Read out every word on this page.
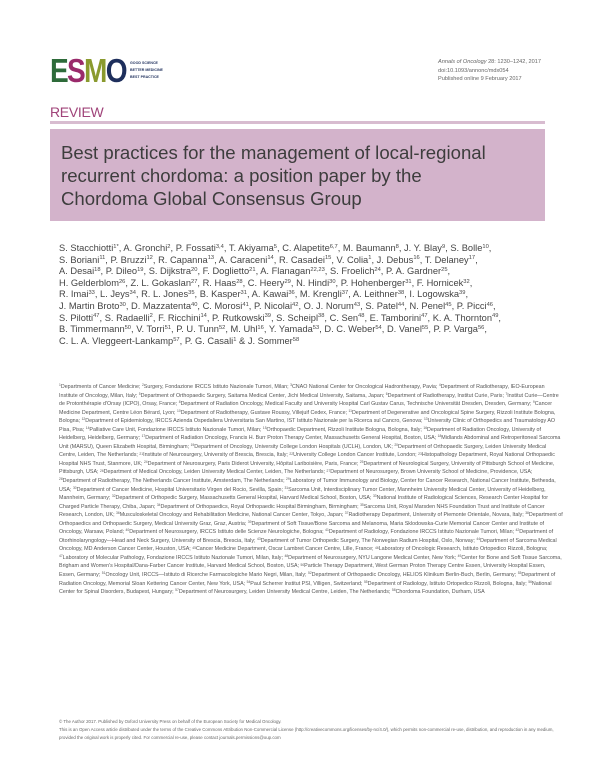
E S M O GOOD SCIENCE
BETTER MEDICINE
BEST PRACTICE
Annals of Oncology 28: 1230–1242, 2017
doi:10.1093/annonc/mdx054
Published online 9 February 2017
REVIEW
Best practices for the management of local-regional
recurrent chordoma: a position paper by the
Chordoma Global Consensus Group
S. Stacchiotti$^{1*}$, A. Gronchi$^2$, P. Fossati$^{3,4}$, T. Akiyama$^5$, C. Alapetite$^{6,7}$, M. Baumann$^8$, J. Y. Blay$^9$, S. Bolle$^{10}$,
S. Boriani$^{11}$, P. Bruzzi$^{12}$, R. Capanna$^{13}$, A. Caraceni$^{14}$, R. Casadei$^{15}$, V. Colia$^1$, J. Debus$^{16}$, T. Delaney$^{17}$,
A. Desai$^{18}$, P. Dileo$^{19}$, S. Dijkstra$^{20}$, F. Doglietto$^{21}$, A. Flanagan$^{22,23}$, S. Froelich$^{24}$, P. A. Gardner$^{25}$,
H. Gelderblom$^{26}$, Z. L. Gokaslan$^{27}$, R. Haas$^{28}$, C. Heery$^{29}$, N. Hindi$^{30}$, P. Hohenberger$^{31}$, F. Hornicek$^{32}$,
R. Imai$^{33}$, L. Jeys$^{34}$, R. L. Jones$^{35}$, B. Kasper$^{31}$, A. Kawai$^{36}$, M. Krengli$^{37}$, A. Leithner$^{38}$, I. Logowska$^{39}$,
J. Martin Broto$^{30}$, D. Mazzatenta$^{40}$, C. Morosi$^{41}$, P. Nicolai$^{42}$, O. J. Norum$^{43}$, S. Patel$^{44}$, N. Penel$^{45}$, P. Picci$^{46}$,
S. Pilotti$^{47}$, S. Radaelli$^2$, F. Ricchini$^{14}$, P. Rutkowski$^{39}$, S. Scheipl$^{38}$, C. Sen$^{48}$, E. Tamborini$^{47}$, K. A. Thornton$^{49}$,
B. Timmermann$^{50}$, V. Torri$^{51}$, P. U. Tunn$^{52}$, M. Uhl$^{16}$, Y. Yamada$^{53}$, D. C. Weber$^{54}$, D. Vanel$^{55}$, P. P. Varga$^{56}$,
C. L. A. Vleggeert-Lankamp$^{57}$, P. G. Casali$^1$ & J. Sommer$^{58}$
$^1$Departments of Cancer Medicine; $^2$Surgery, Fondazione IRCCS Istituto Nazionale Tumori, Milan; $^3$CNAO National Center for Oncological Hadrontherapy, Pavia; $^4$Department of Radiotherapy, IEO-European Institute of Oncology, Milan, Italy; $^5$Department of Orthopaedic Surgery, Saitama Medical Center, Jichi Medical University, Saitama, Japan; $^6$Department of Radiotherapy, Institut Curie, Paris; $^7$Institut Curie—Centre de Protonthérapie d'Orsay (ICPO), Orsay, France; $^8$Department of Radiation Oncology, Medical Faculty and University Hospital Carl Gustav Carus, Technische Universität Dresden, Dresden, Germany; $^9$Cancer Medicine Department, Centre Léon Bérard, Lyon; $^{10}$Department of Radiotherapy, Gustave Roussy, Villejuif Cedex, France; $^{11}$Department of Degenerative and Oncological Spine Surgery, Rizzoli Institute Bologna, Bologna; $^{12}$Department of Epidemiology, IRCCS Azienda Ospedaliera Universitaria San Martino, IST Istituto Nazionale per la Ricerca sul Cancro, Genova; $^{13}$University Clinic of Orthopedics and Traumatology AO Pisa, Pisa; $^{14}$Palliative Care Unit, Fondazione IRCCS Istituto Nazionale Tumori, Milan; $^{15}$Orthopaedic Department, Rizzoli Institute Bologna, Bologna, Italy; $^{16}$Department of Radiation Oncology, University of Heidelberg, Heidelberg, Germany; $^{17}$Department of Radiation Oncology, Francis H. Burr Proton Therapy Center, Massachusetts General Hospital, Boston, USA; $^{18}$Midlands Abdominal and Retroperitoneal Sarcoma Unit (MARSU), Queen Elizabeth Hospital, Birmingham; $^{19}$Department of Oncology, University College London Hospitals (UCLH), London, UK; $^{20}$Department of Orthopaedic Surgery, Leiden University Medical Centre, Leiden, The Netherlands; $^{21}$Institute of Neurosurgery, University of Brescia, Brescia, Italy; $^{22}$University College London Cancer Institute, London; $^{23}$Histopathology Department, Royal National Orthopaedic Hospital NHS Trust, Stanmore, UK; $^{24}$Department of Neurosurgery, Paris Diderot University, Hôpital Lariboisière, Paris, France; $^{25}$Department of Neurological Surgery, University of Pittsburgh School of Medicine, Pittsburgh, USA; $^{26}$Department of Medical Oncology, Leiden University Medical Center, Leiden, The Netherlands; $^{27}$Department of Neurosurgery, Brown University School of Medicine, Providence, USA; $^{28}$Department of Radiotherapy, The Netherlands Cancer Institute, Amsterdam, The Netherlands; $^{29}$Laboratory of Tumor Immunology and Biology, Center for Cancer Research, National Cancer Institute, Bethesda, USA; $^{30}$Department of Cancer Medicine, Hospital Universitario Virgen del Rocio, Sevilla, Spain; $^{31}$Sarcoma Unit, Interdisciplinary Tumor Center, Mannheim University Medical Center, University of Heidelberg, Mannheim, Germany; $^{32}$Department of Orthopedic Surgery, Massachusetts General Hospital, Harvard Medical School, Boston, USA; $^{33}$National Institute of Radiological Sciences, Research Center Hospital for Charged Particle Therapy, Chiba, Japan; $^{34}$Department of Orthopaedics, Royal Orthopaedic Hospital Birmingham, Birmingham; $^{35}$Sarcoma Unit, Royal Marsden NHS Foundation Trust and Institute of Cancer Research, London, UK; $^{36}$Musculoskeletal Oncology and Rehabilitation Medicine, National Cancer Center, Tokyo, Japan; $^{37}$Radiotherapy Department, University of Piemonte Orientale, Novara, Italy; $^{38}$Department of Orthopaedics and Orthopaedic Surgery, Medical University Graz, Graz, Austria; $^{39}$Department of Soft Tissue/Bone Sarcoma and Melanoma, Maria Sklodowska-Curie Memorial Cancer Center and Institute of Oncology, Warsaw, Poland; $^{40}$Department of Neurosurgery, IRCCS Istituto delle Scienze Neurologiche, Bologna; $^{41}$Department of Radiology, Fondazione IRCCS Istituto Nazionale Tumori, Milan; $^{42}$Department of Otorhinolaryngology—Head and Neck Surgery, University of Brescia, Brescia, Italy; $^{43}$Department of Tumor Orthopedic Surgery, The Norwegian Radium Hospital, Oslo, Norway; $^{44}$Department of Sarcoma Medical Oncology, MD Anderson Cancer Center, Houston, USA; $^{45}$Cancer Medicine Department, Oscar Lambret Cancer Centre, Lille, France; $^{46}$Laboratory of Oncologic Research, Istituto Ortopedico Rizzoli, Bologna; $^{47}$Laboratory of Molecular Pathology, Fondazione IRCCS Istituto Nazionale Tumori, Milan, Italy; $^{48}$Department of Neurosurgery, NYU Langone Medical Center, New York; $^{49}$Center for Bone and Soft Tissue Sarcoma, Brigham and Women's Hospital/Dana-Farber Cancer Institute, Harvard Medical School, Boston, USA; $^{50}$Particle Therapy Department, West German Proton Therapy Centre Essen, University Hospital Essen, Essen, Germany; $^{51}$Oncology Unit, IRCCS—Istituto di Ricerche Farmacologiche Mario Negri, Milan, Italy; $^{52}$Department of Orthopaedic Oncology, HELIOS Klinikum Berlin-Buch, Berlin, Germany; $^{53}$Department of Radiation Oncology, Memorial Sloan Kettering Cancer Center, New York, USA; $^{54}$Paul Scherrer Institut PSI, Villigen, Switzerland; $^{55}$Department of Radiology, Istituto Ortopedico Rizzoli, Bologna, Italy; $^{56}$National Center for Spinal Disorders, Budapest, Hungary; $^{57}$Department of Neurosurgery, Leiden University Medical Centre, Leiden, The Netherlands; $^{58}$Chordoma Foundation, Durham, USA
© The Author 2017. Published by Oxford University Press on behalf of the European Society for Medical Oncology.
This is an Open Access article distributed under the terms of the Creative Commons Attribution Non-Commercial License (http://creativecommons.org/licenses/by-nc/4.0/), which permits non-commercial re-use, distribution, and reproduction in any medium, provided the original work is properly cited. For commercial re-use, please contact journals.permissions@oup.com
